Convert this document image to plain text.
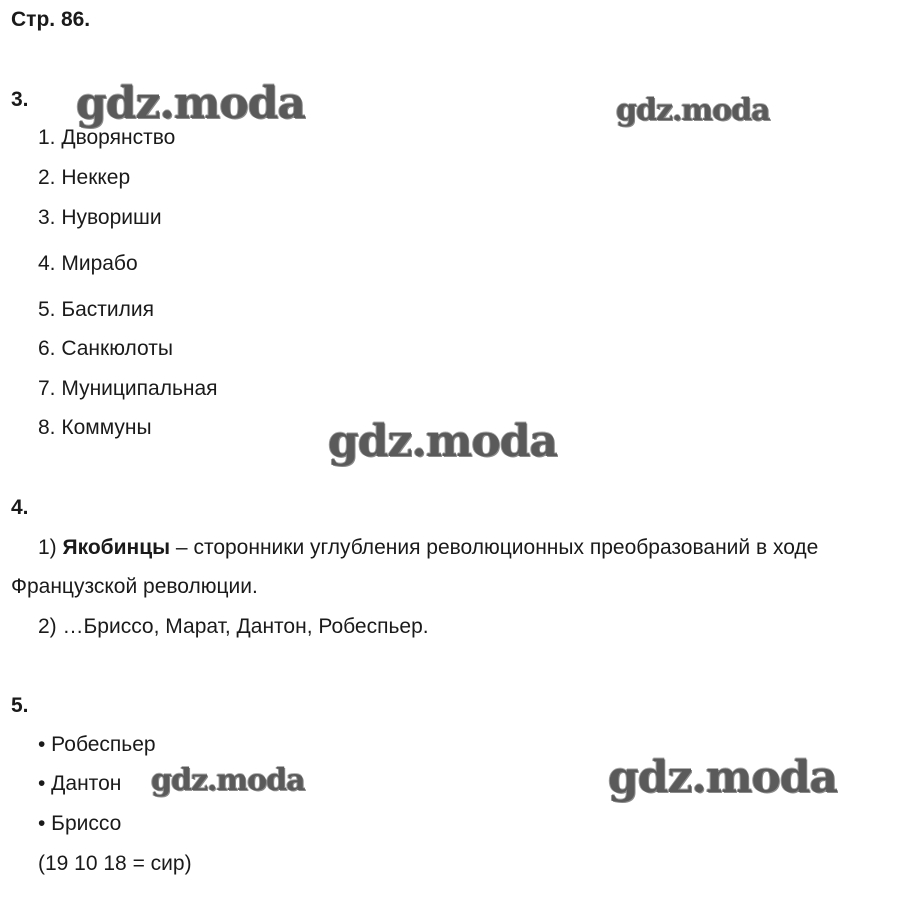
Стр. 86.
3.
1. Дворянство
2. Неккер
3. Нувориши
4. Мирабо
5. Бастилия
6. Санкюлоты
7. Муниципальная
8. Коммуны
4.
1) Якобинцы – сторонники углубления революционных преобразований в ходе
Французской революции.
2) …Бриссо, Марат, Дантон, Робеспьер.
5.
• Робеспьер
• Дантон
• Бриссо
(19 10 18 = сир)
gdz.moda	gdz.moda
gdz.moda
gdz.moda	gdz.moda
